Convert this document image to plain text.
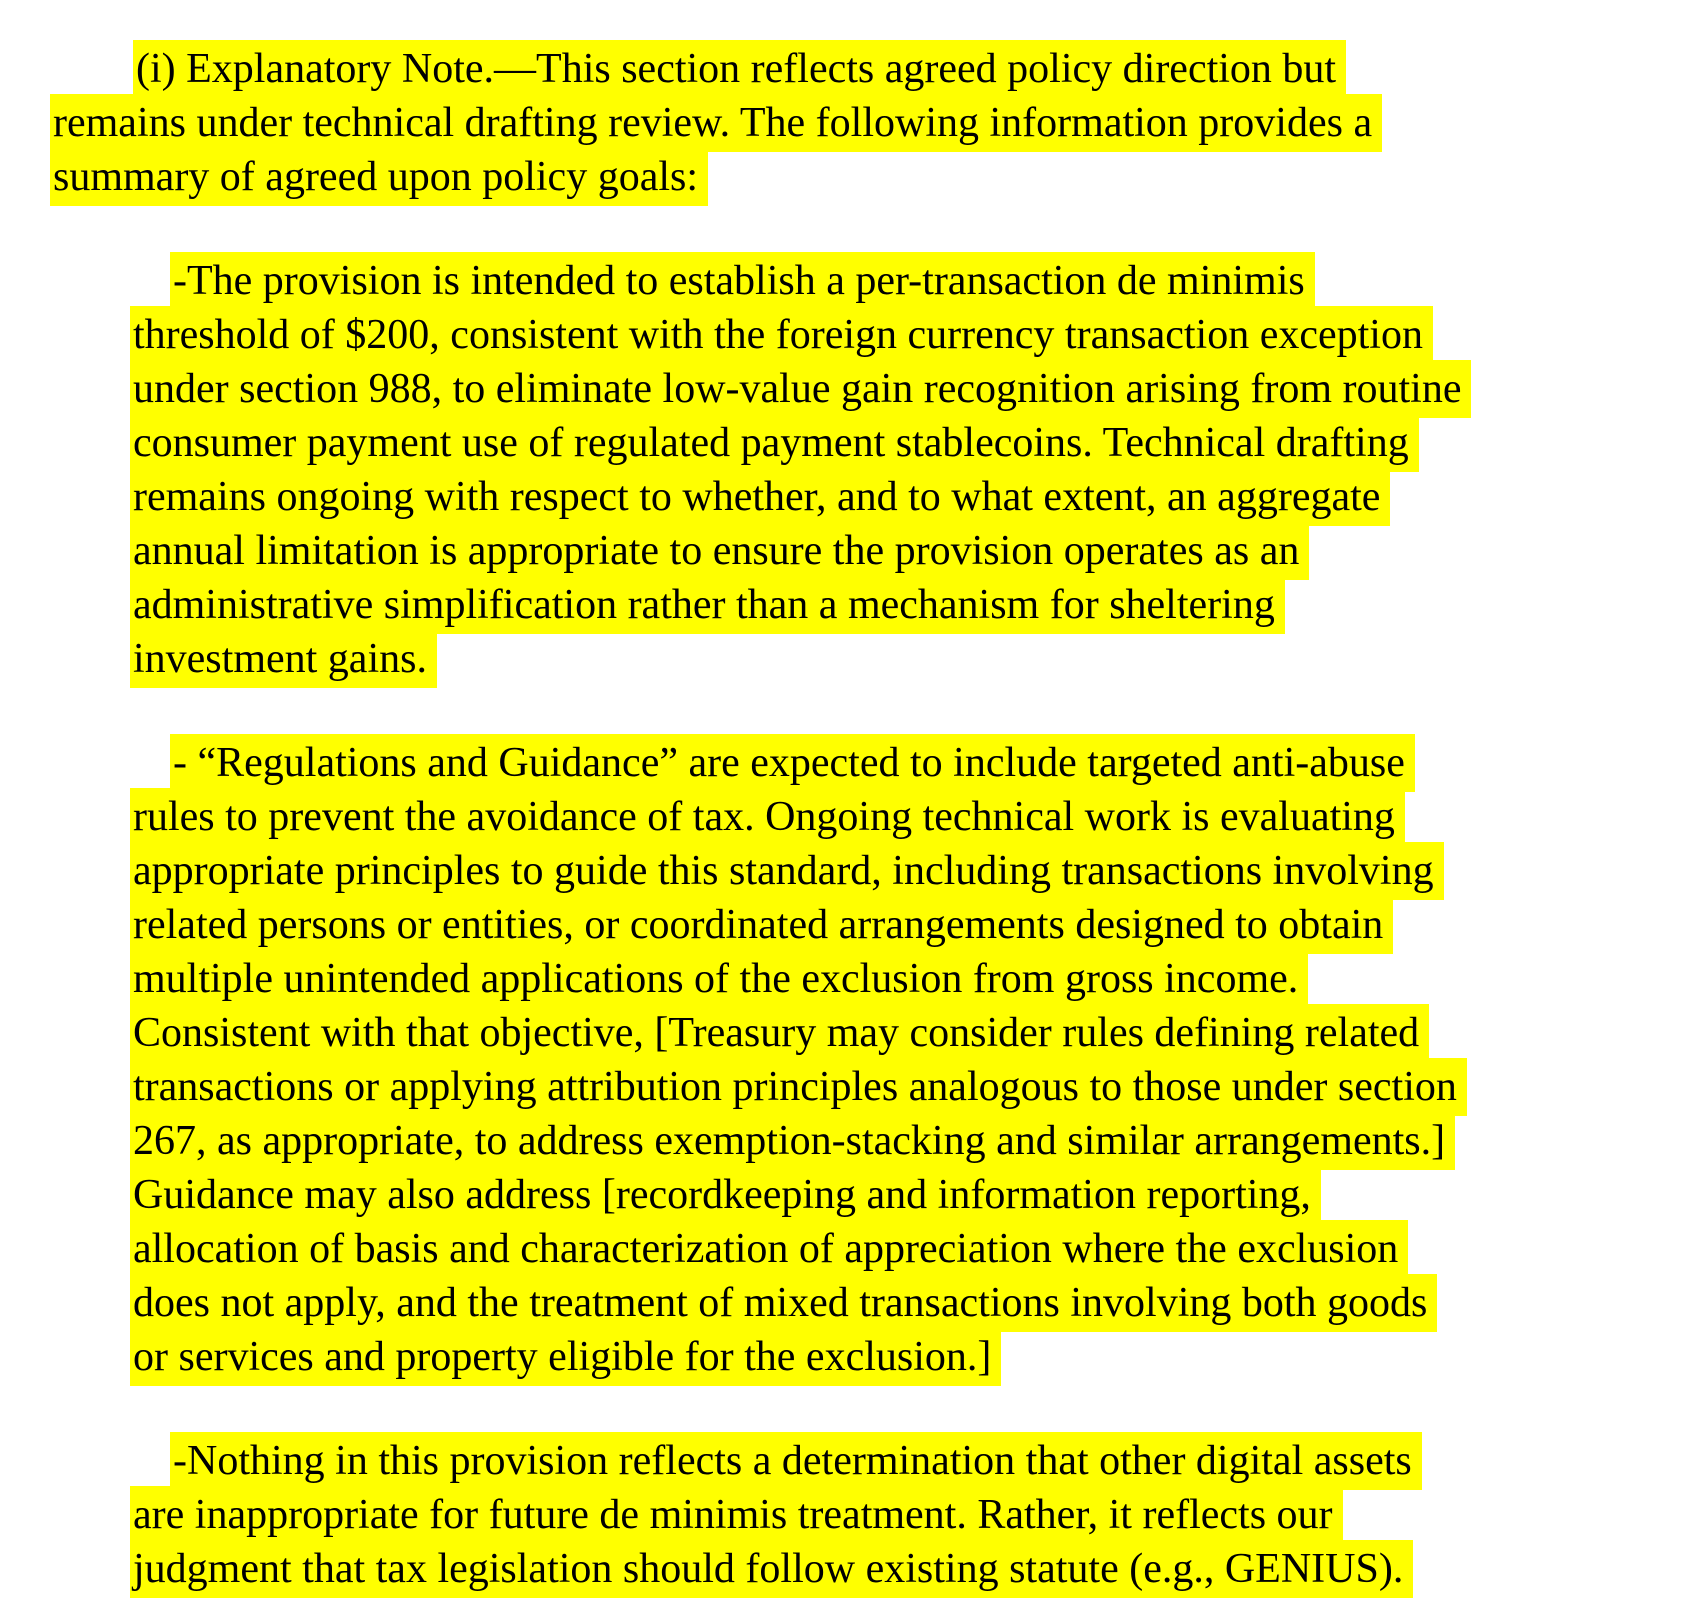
(i) Explanatory Note.—This section reflects agreed policy direction but
remains under technical drafting review. The following information provides a
summary of agreed upon policy goals:
-The provision is intended to establish a per-transaction de minimis
threshold of $200, consistent with the foreign currency transaction exception
under section 988, to eliminate low-value gain recognition arising from routine
consumer payment use of regulated payment stablecoins. Technical drafting
remains ongoing with respect to whether, and to what extent, an aggregate
annual limitation is appropriate to ensure the provision operates as an
administrative simplification rather than a mechanism for sheltering
investment gains.
- “Regulations and Guidance” are expected to include targeted anti-abuse
rules to prevent the avoidance of tax. Ongoing technical work is evaluating
appropriate principles to guide this standard, including transactions involving
related persons or entities, or coordinated arrangements designed to obtain
multiple unintended applications of the exclusion from gross income.
Consistent with that objective, [Treasury may consider rules defining related
transactions or applying attribution principles analogous to those under section
267, as appropriate, to address exemption-stacking and similar arrangements.]
Guidance may also address [recordkeeping and information reporting,
allocation of basis and characterization of appreciation where the exclusion
does not apply, and the treatment of mixed transactions involving both goods
or services and property eligible for the exclusion.]
-Nothing in this provision reflects a determination that other digital assets
are inappropriate for future de minimis treatment. Rather, it reflects our
judgment that tax legislation should follow existing statute (e.g., GENIUS).
